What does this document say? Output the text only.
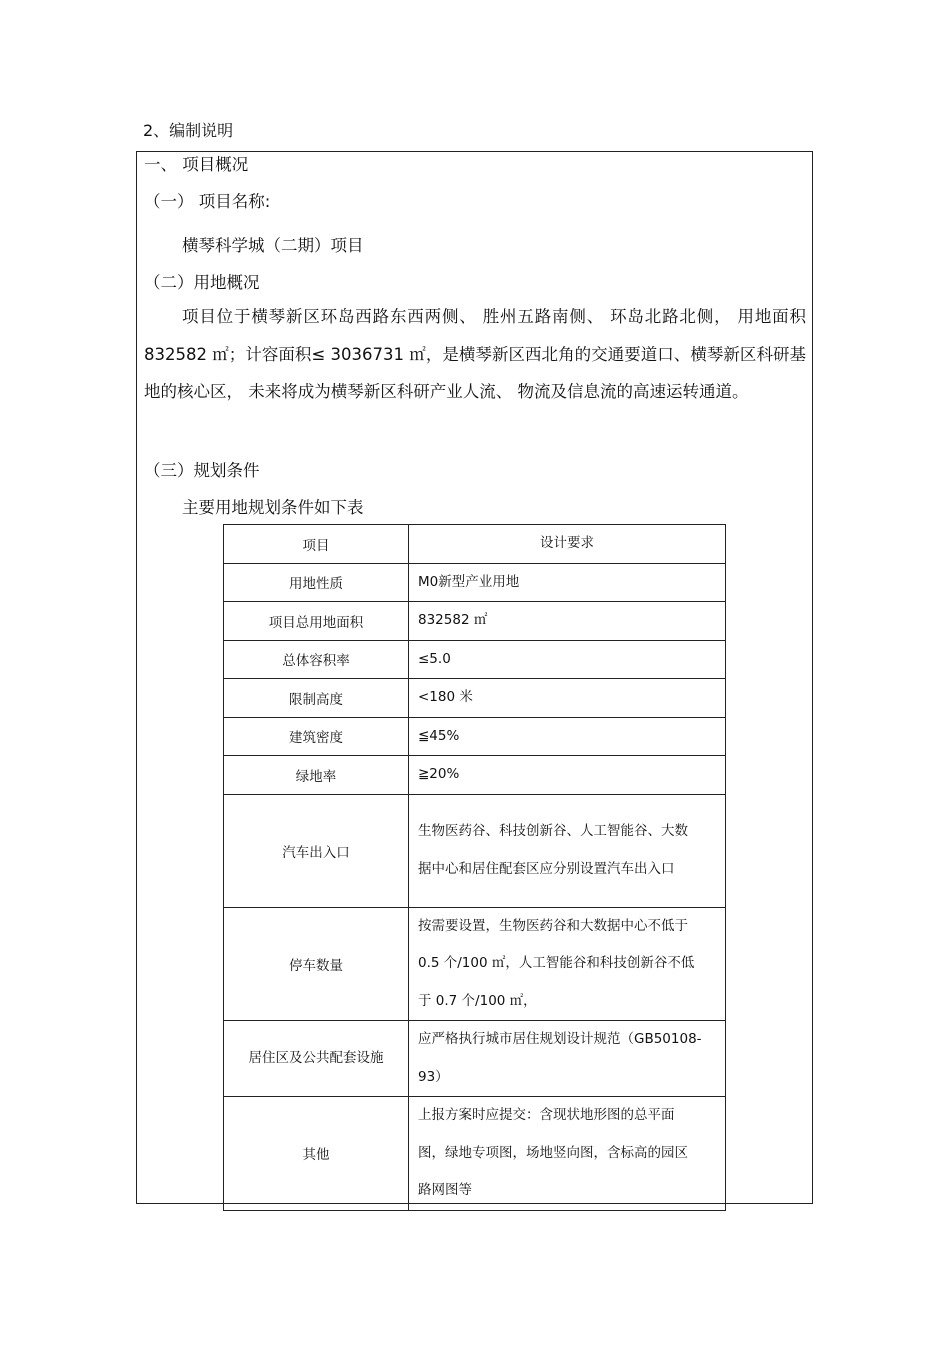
2、编制说明
一、 项目概况
（一） 项目名称:
横琴科学城（二期）项目
（二）用地概况
项目位于横琴新区环岛西路东西两侧、 胜州五路南侧、 环岛北路北侧， 用地面积 832582 ㎡；计容面积≤ 3036731 ㎡，是横琴新区西北角的交通要道口、横琴新区科研基地的核心区， 未来将成为横琴新区科研产业人流、 物流及信息流的高速运转通道。
（三）规划条件
主要用地规划条件如下表
项目	设计要求
用地性质	M0新型产业用地
项目总用地面积	832582 ㎡
总体容积率	≤5.0
限制高度	<180 米
建筑密度	≦45%
绿地率	≧20%
汽车出入口	生物医药谷、科技创新谷、人工智能谷、大数据中心和居住配套区应分别设置汽车出入口
停车数量	按需要设置，生物医药谷和大数据中心不低于 0.5 个/100 ㎡，人工智能谷和科技创新谷不低于 0.7 个/100 ㎡，
居住区及公共配套设施	应严格执行城市居住规划设计规范（GB50108-93）
其他	上报方案时应提交：含现状地形图的总平面图，绿地专项图，场地竖向图，含标高的园区路网图等
